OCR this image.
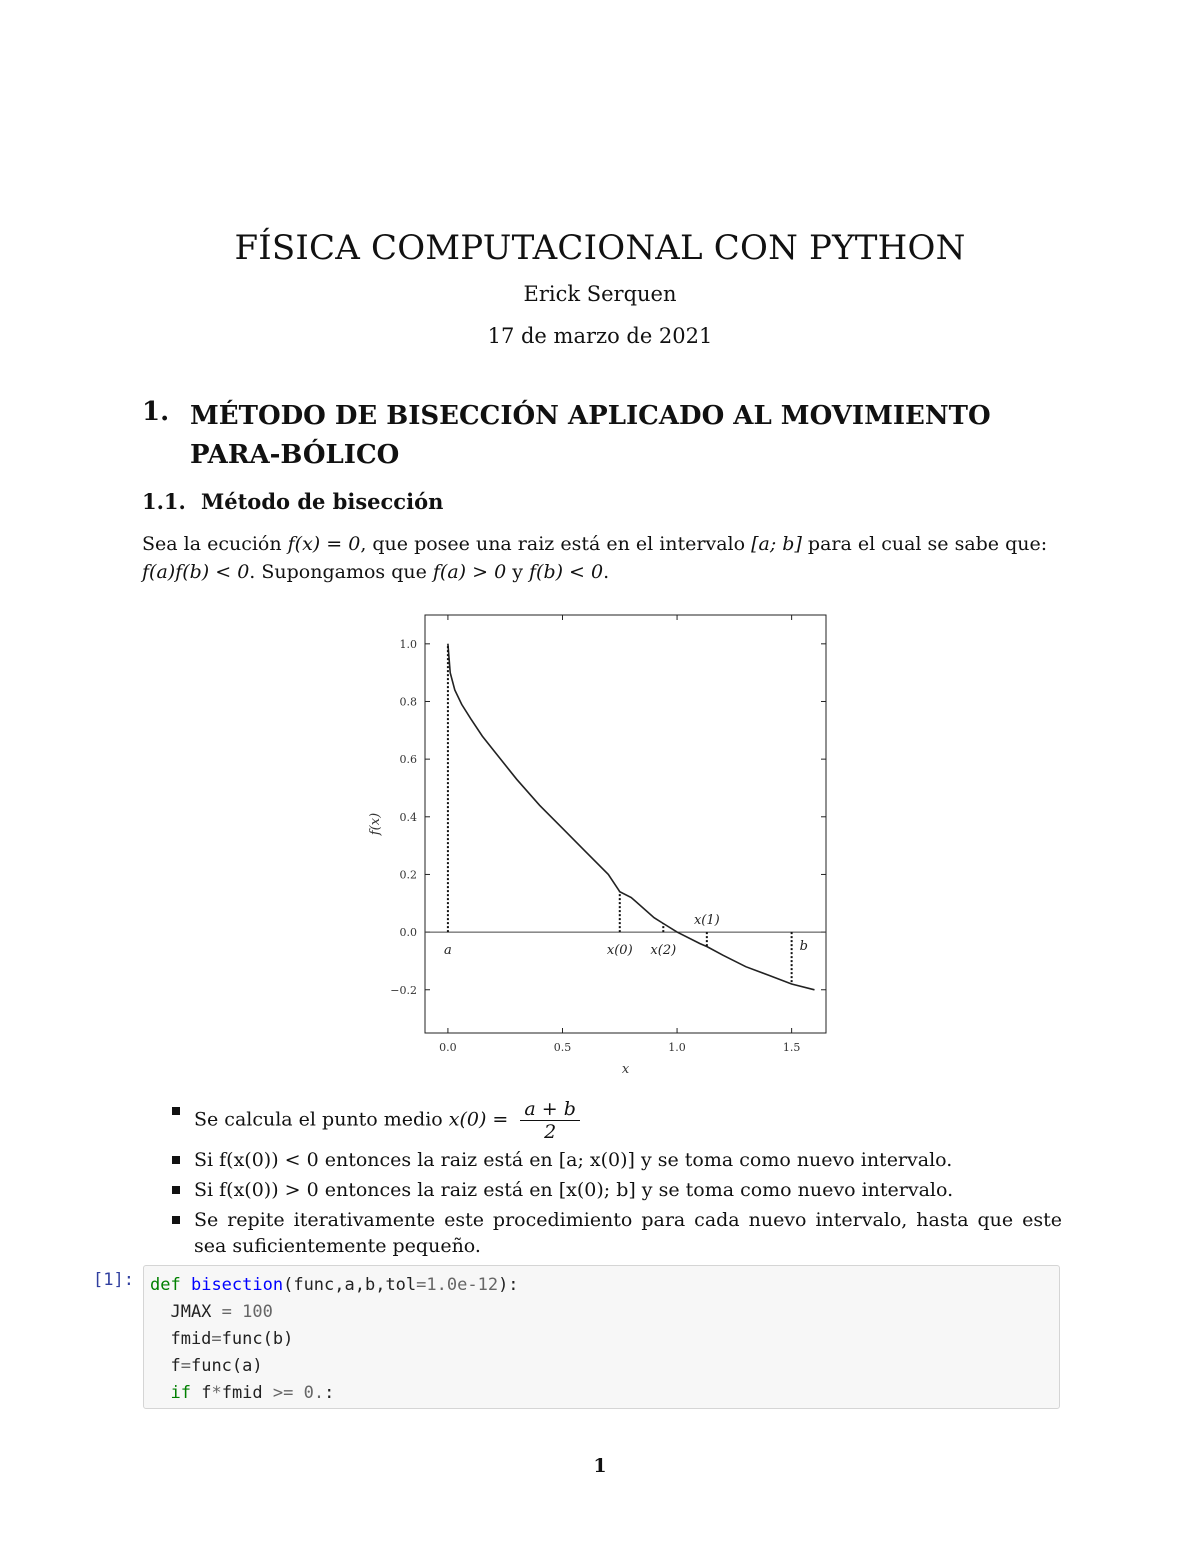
FÍSICA COMPUTACIONAL CON PYTHON
Erick Serquen
17 de marzo de 2021
1. MÉTODO DE BISECCIÓN APLICADO AL MOVIMIENTO PARA-BÓLICO
1.1. Método de bisección
Sea la ecución f(x) = 0, que posee una raiz está en el intervalo [a; b] para el cual se sabe que:
f(a)f(b) < 0. Supongamos que f(a) > 0 y f(b) < 0.
0.0	0.5	1.0	1.5
−0.2
0.0
0.2
0.4
0.6
0.8
1.0
a	x(0) x(2)
x(1)
b
x
f(x)
Se calcula el punto medio $x(0) = \frac{a + b}{2}$
Si f(x(0)) < 0 entonces la raiz está en [a; x(0)] y se toma como nuevo intervalo.
Si f(x(0)) > 0 entonces la raiz está en [x(0); b] y se toma como nuevo intervalo.
Se repite iterativamente este procedimiento para cada nuevo intervalo, hasta que este sea suficientemente pequeño.
[1]: def bisection(func,a,b,tol=1.0e-12):
JMAX = 100
fmid=func(b)
f=func(a)
if f*fmid >= 0.:
1
